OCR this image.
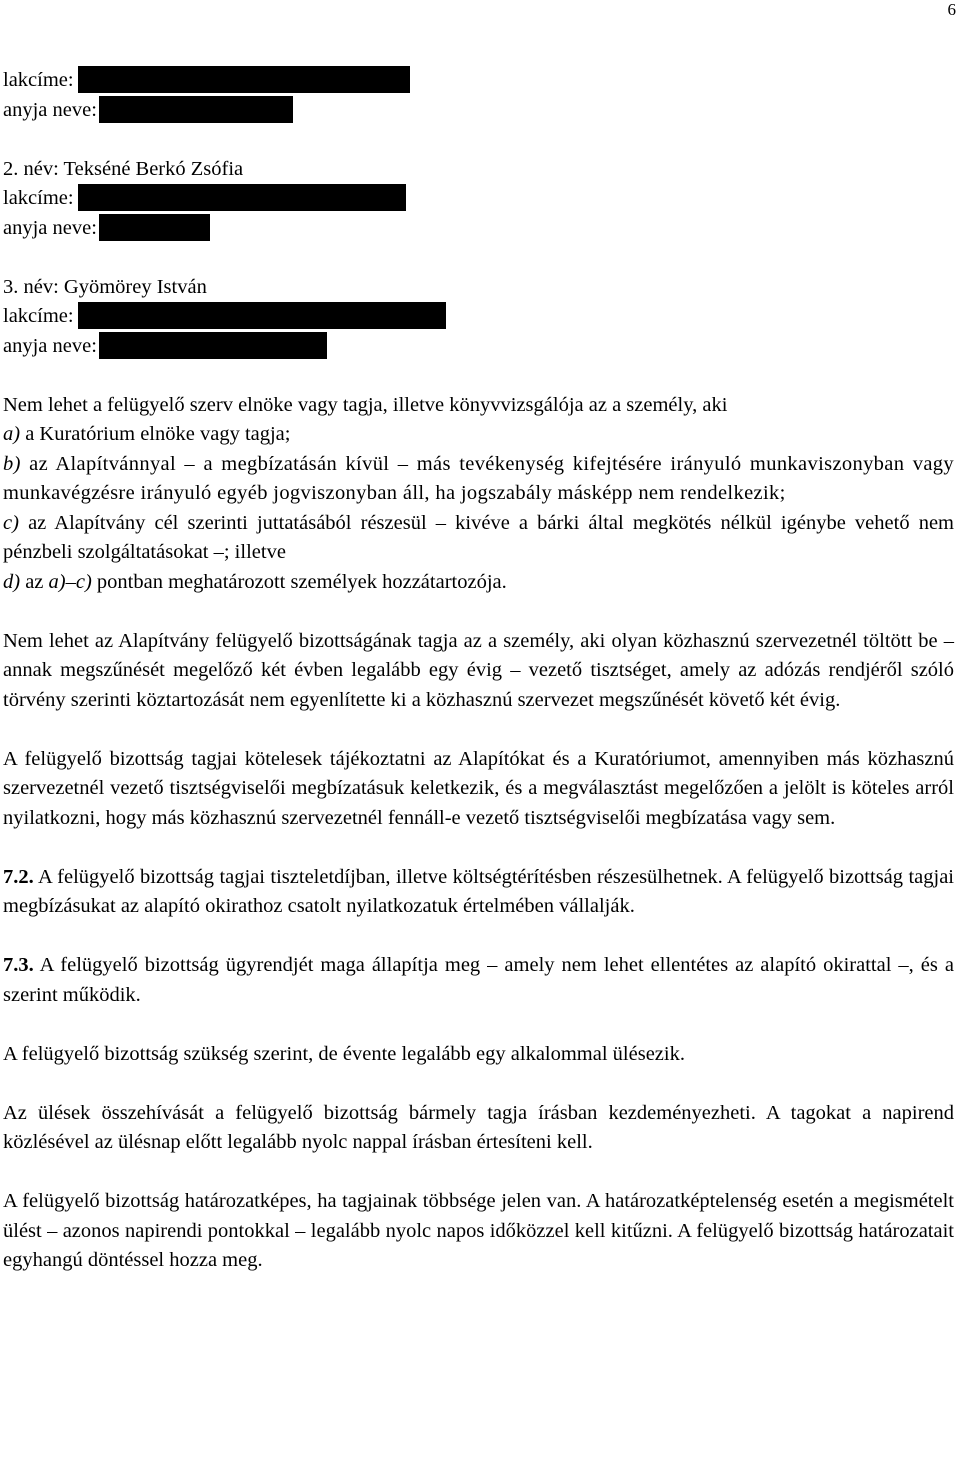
6
lakcíme:
anyja neve:
2. név: Tekséné Berkó Zsófia
lakcíme:
anyja neve:
3. név: Gyömörey István
lakcíme:
anyja neve:
Nem lehet a felügyelő szerv elnöke vagy tagja, illetve könyvvizsgálója az a személy, aki
a) a Kuratórium elnöke vagy tagja;
b) az Alapítvánnyal – a megbízatásán kívül – más tevékenység kifejtésére irányuló munkaviszonyban vagy munkavégzésre irányuló egyéb jogviszonyban áll, ha jogszabály másképp nem rendelkezik;
c) az Alapítvány cél szerinti juttatásából részesül – kivéve a bárki által megkötés nélkül igénybe vehető nem pénzbeli szolgáltatásokat –; illetve
d) az a)–c) pontban meghatározott személyek hozzátartozója.
Nem lehet az Alapítvány felügyelő bizottságának tagja az a személy, aki olyan közhasznú szervezetnél töltött be – annak megszűnését megelőző két évben legalább egy évig – vezető tisztséget, amely az adózás rendjéről szóló törvény szerinti köztartozását nem egyenlítette ki a közhasznú szervezet megszűnését követő két évig.
A felügyelő bizottság tagjai kötelesek tájékoztatni az Alapítókat és a Kuratóriumot, amennyiben más közhasznú szervezetnél vezető tisztségviselői megbízatásuk keletkezik, és a megválasztást megelőzően a jelölt is köteles arról nyilatkozni, hogy más közhasznú szervezetnél fennáll-e vezető tisztségviselői megbízatása vagy sem.
7.2. A felügyelő bizottság tagjai tiszteletdíjban, illetve költségtérítésben részesülhetnek. A felügyelő bizottság tagjai megbízásukat az alapító okirathoz csatolt nyilatkozatuk értelmében vállalják.
7.3. A felügyelő bizottság ügyrendjét maga állapítja meg – amely nem lehet ellentétes az alapító okirattal –, és a szerint működik.
A felügyelő bizottság szükség szerint, de évente legalább egy alkalommal ülésezik.
Az ülések összehívását a felügyelő bizottság bármely tagja írásban kezdeményezheti. A tagokat a napirend közlésével az ülésnap előtt legalább nyolc nappal írásban értesíteni kell.
A felügyelő bizottság határozatképes, ha tagjainak többsége jelen van. A határozatképtelenség esetén a megismételt ülést – azonos napirendi pontokkal – legalább nyolc napos időközzel kell kitűzni. A felügyelő bizottság határozatait egyhangú döntéssel hozza meg.
